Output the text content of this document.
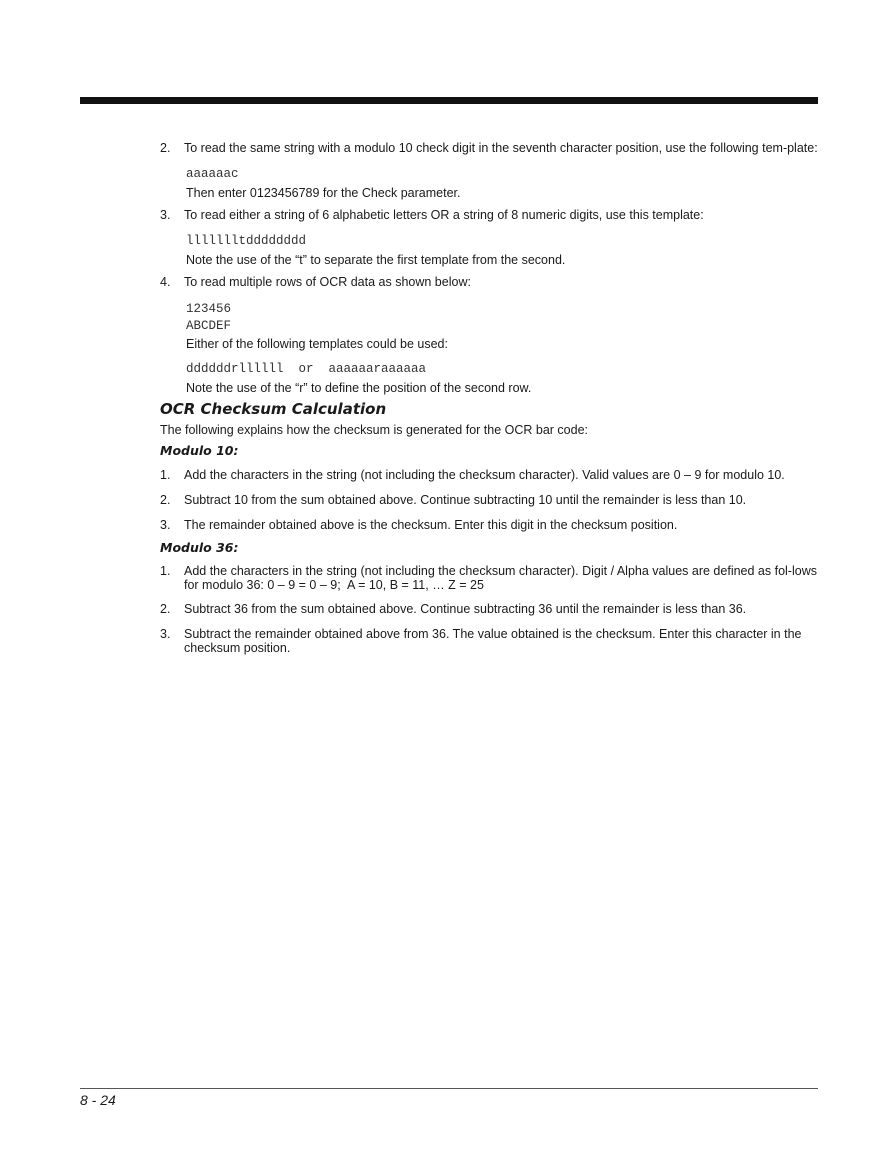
2.	To read the same string with a modulo 10 check digit in the seventh character position, use the following tem-plate:
aaaaaac
Then enter 0123456789 for the Check parameter.
3.	To read either a string of 6 alphabetic letters OR a string of 8 numeric digits, use this template:
llllllltdddddddd
Note the use of the “t” to separate the first template from the second.
4.	To read multiple rows of OCR data as shown below:
123456
ABCDEF
Either of the following templates could be used:
ddddddrllllll  or  aaaaaaraaaaaa
Note the use of the “r” to define the position of the second row.
OCR Checksum Calculation
The following explains how the checksum is generated for the OCR bar code:
Modulo 10:
1.	Add the characters in the string (not including the checksum character). Valid values are 0 – 9 for modulo 10.
2.	Subtract 10 from the sum obtained above. Continue subtracting 10 until the remainder is less than 10.
3.	The remainder obtained above is the checksum. Enter this digit in the checksum position.
Modulo 36:
1.	Add the characters in the string (not including the checksum character). Digit / Alpha values are defined as fol-lows for modulo 36: 0 – 9 = 0 – 9;  A = 10, B = 11, … Z = 25
2.	Subtract 36 from the sum obtained above. Continue subtracting 36 until the remainder is less than 36.
3.	Subtract the remainder obtained above from 36. The value obtained is the checksum. Enter this character in the checksum position.
8 - 24
